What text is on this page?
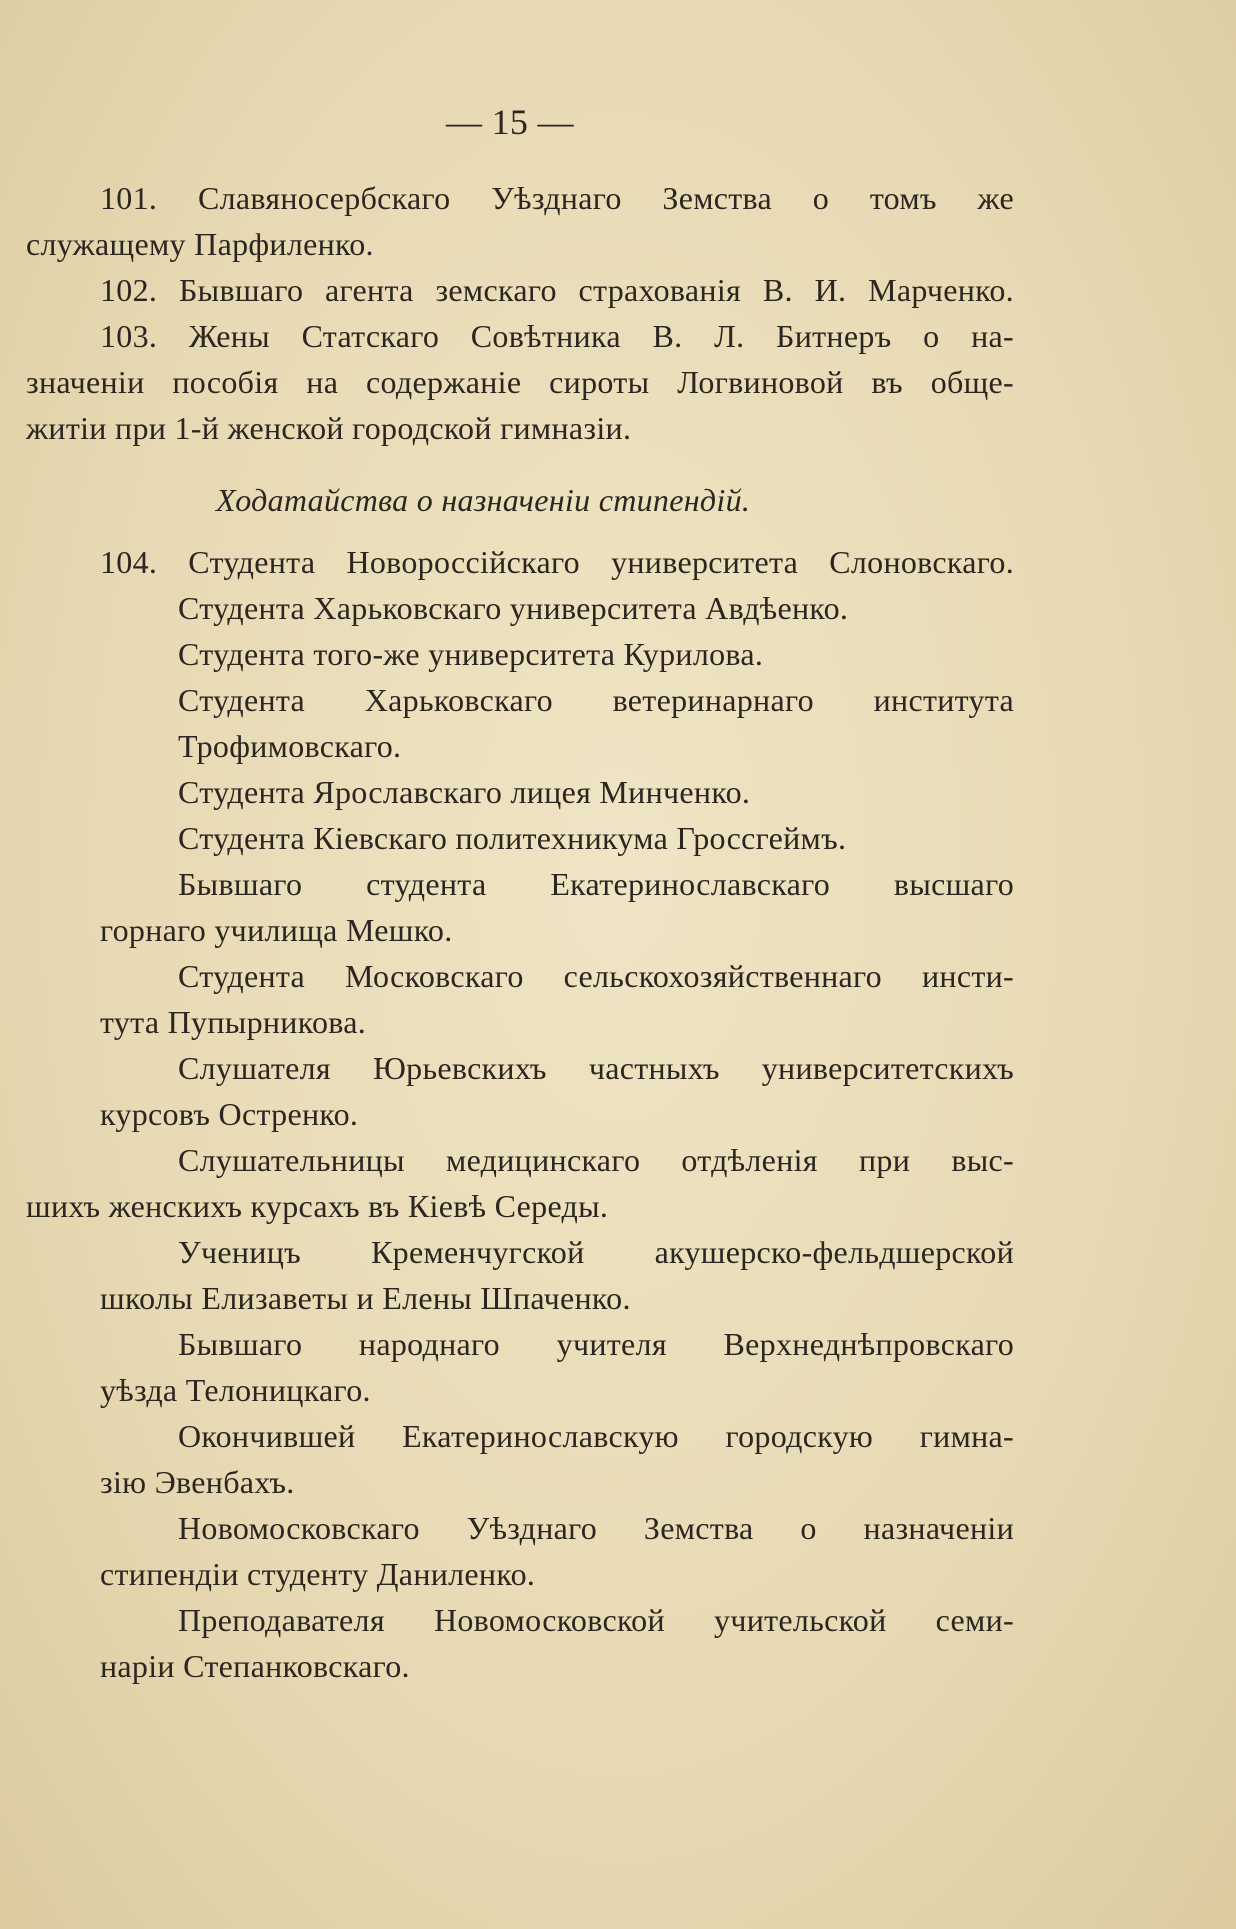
— 15 —
101. Славяносербскаго Уѣзднаго Земства о томъ же
служащему Парфиленко.
102. Бывшаго агента земскаго страхованія В. И. Марченко.
103. Жены Статскаго Совѣтника В. Л. Битнеръ о на-
значеніи пособія на содержаніе сироты Логвиновой въ обще-
житіи при 1-й женской городской гимназіи.
Ходатайства о назначеніи стипендій.
104. Студента Новороссійскаго университета Слоновскаго.
Студента Харьковскаго университета Авдѣенко.
Студента того-же университета Курилова.
Студента Харьковскаго ветеринарнаго института
Трофимовскаго.
Студента Ярославскаго лицея Минченко.
Студента Кіевскаго политехникума Гроссгеймъ.
Бывшаго студента Екатеринославскаго высшаго
горнаго училища Мешко.
Студента Московскаго сельскохозяйственнаго инсти-
тута Пупырникова.
Слушателя Юрьевскихъ частныхъ университетскихъ
курсовъ Остренко.
Слушательницы медицинскаго отдѣленія при выс-
шихъ женскихъ курсахъ въ Кіевѣ Середы.
Ученицъ Кременчугской акушерско-фельдшерской
школы Елизаветы и Елены Шпаченко.
Бывшаго народнаго учителя Верхнеднѣпровскаго
уѣзда Телоницкаго.
Окончившей Екатеринославскую городскую гимна-
зію Эвенбахъ.
Новомосковскаго Уѣзднаго Земства о назначеніи
стипендіи студенту Даниленко.
Преподавателя Новомосковской учительской семи-
наріи Степанковскаго.
